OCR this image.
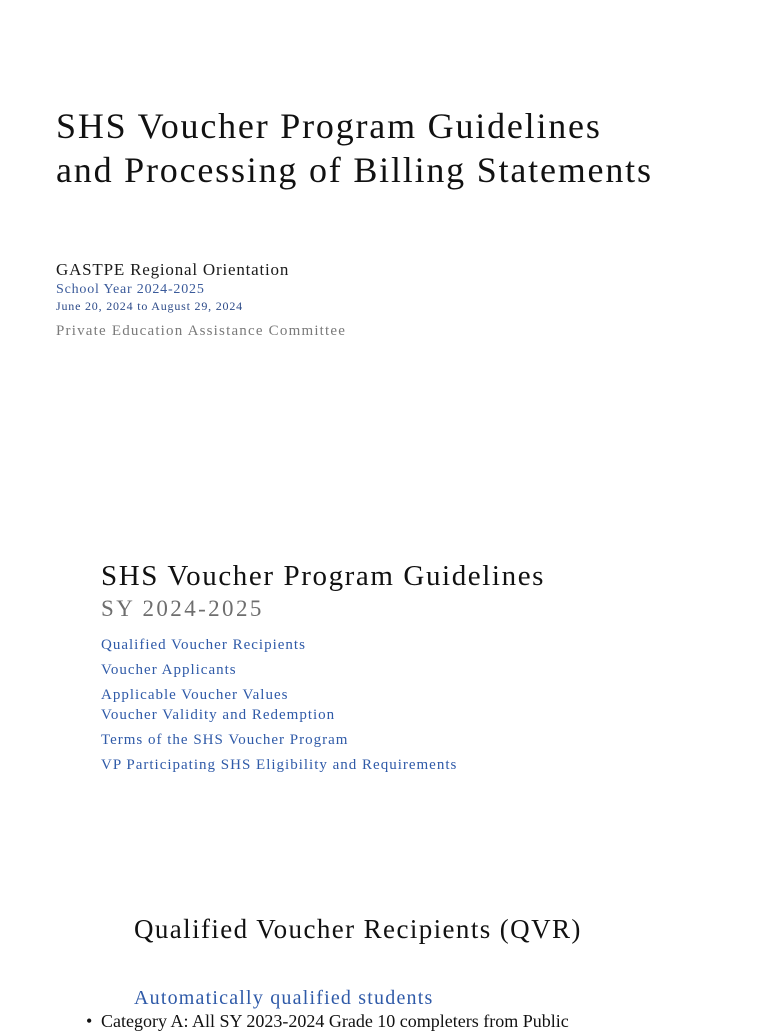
SHS Voucher Program Guidelines
and Processing of Billing Statements
GASTPE Regional Orientation
School Year 2024-2025
June 20, 2024 to August 29, 2024
Private Education Assistance Committee
SHS Voucher Program Guidelines
SY 2024-2025
Qualified Voucher Recipients
Voucher Applicants
Applicable Voucher Values
Voucher Validity and Redemption
Terms of the SHS Voucher Program
VP Participating SHS Eligibility and Requirements
Qualified Voucher Recipients (QVR)
Automatically qualified students
• Category A: All SY 2023-2024 Grade 10 completers from Public
